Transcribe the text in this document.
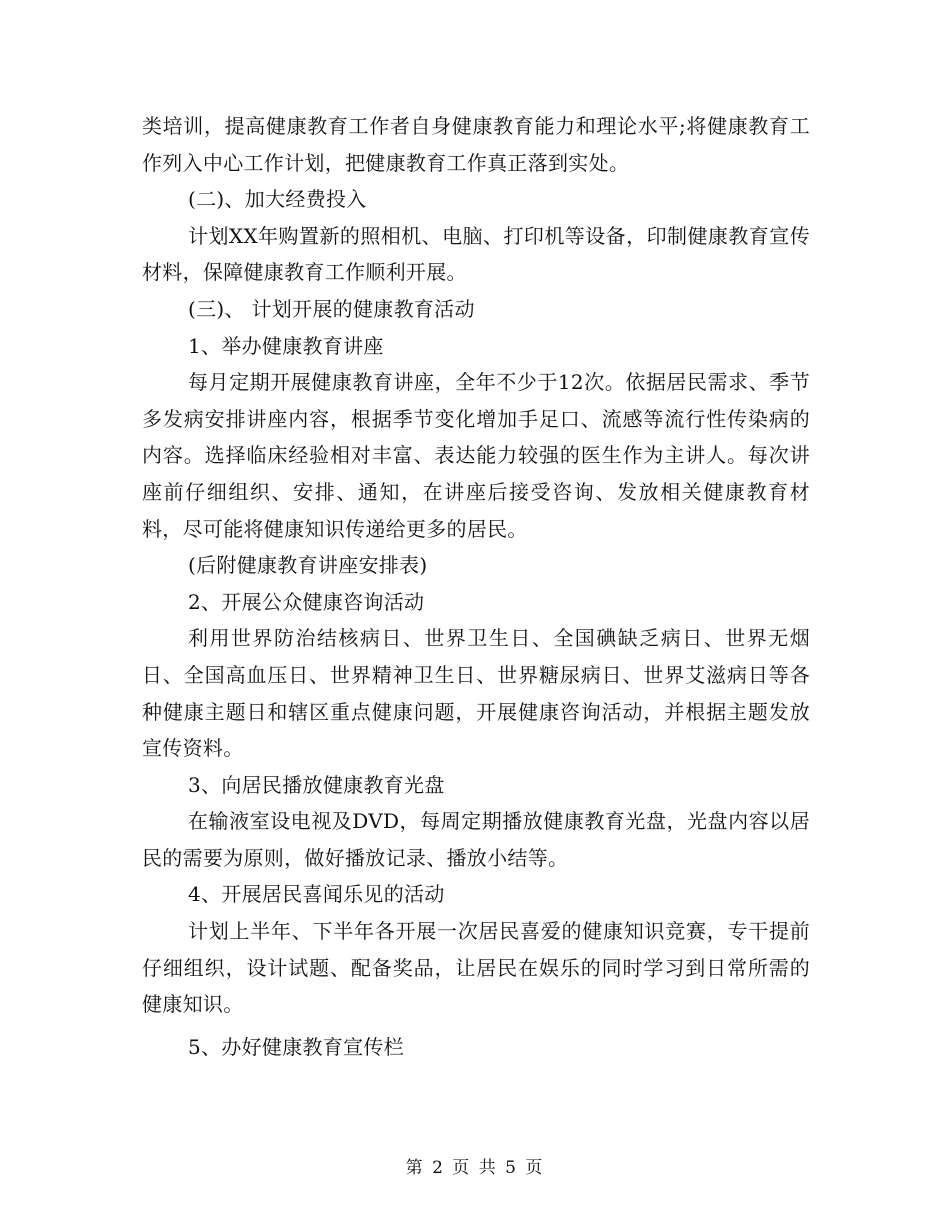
类培训，提高健康教育工作者自身健康教育能力和理论水平;将健康教育工作列入中心工作计划，把健康教育工作真正落到实处。

(二)、加大经费投入

计划XX年购置新的照相机、电脑、打印机等设备，印制健康教育宣传材料，保障健康教育工作顺利开展。

(三)、 计划开展的健康教育活动

1、举办健康教育讲座

每月定期开展健康教育讲座，全年不少于12次。依据居民需求、季节多发病安排讲座内容，根据季节变化增加手足口、流感等流行性传染病的内容。选择临床经验相对丰富、表达能力较强的医生作为主讲人。每次讲座前仔细组织、安排、通知，在讲座后接受咨询、发放相关健康教育材料，尽可能将健康知识传递给更多的居民。

(后附健康教育讲座安排表)

2、开展公众健康咨询活动

利用世界防治结核病日、世界卫生日、全国碘缺乏病日、世界无烟日、全国高血压日、世界精神卫生日、世界糖尿病日、世界艾滋病日等各种健康主题日和辖区重点健康问题，开展健康咨询活动，并根据主题发放宣传资料。

3、向居民播放健康教育光盘

在输液室设电视及DVD，每周定期播放健康教育光盘，光盘内容以居民的需要为原则，做好播放记录、播放小结等。

4、开展居民喜闻乐见的活动

计划上半年、下半年各开展一次居民喜爱的健康知识竞赛，专干提前仔细组织，设计试题、配备奖品，让居民在娱乐的同时学习到日常所需的健康知识。

5、办好健康教育宣传栏

第 2 页 共 5 页
